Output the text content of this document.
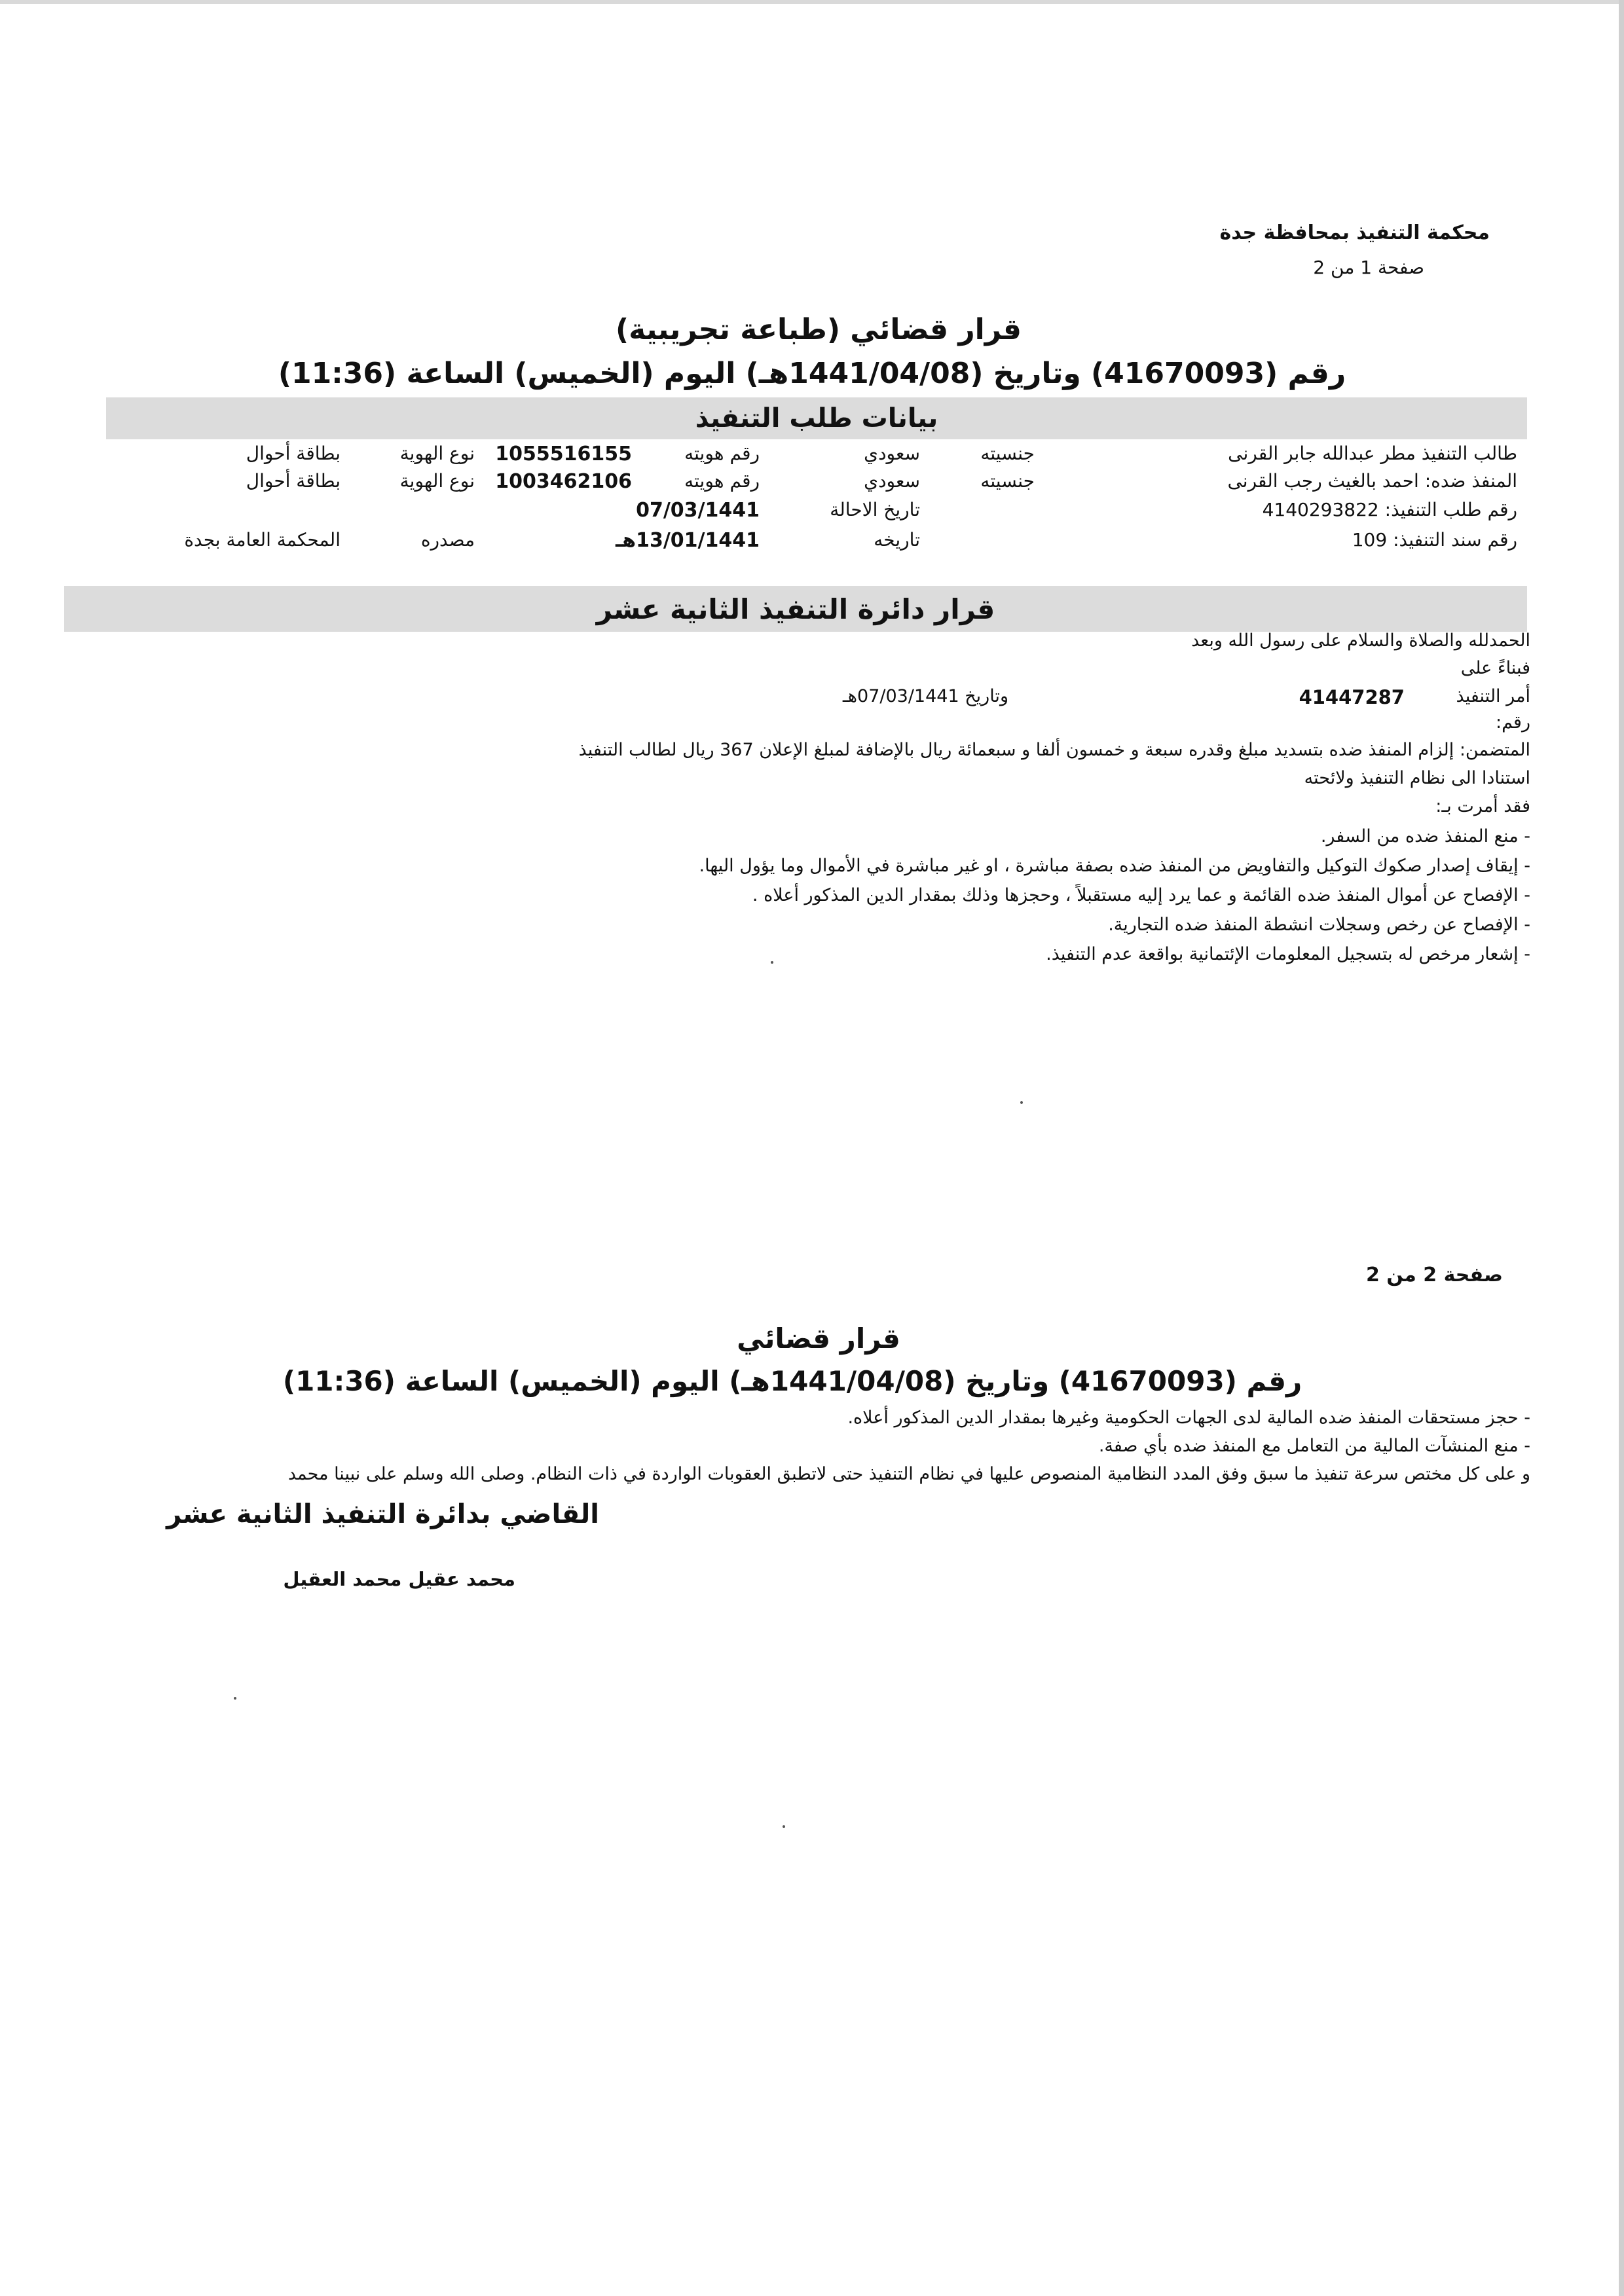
محكمة التنفيذ بمحافظة جدة
صفحة 1 من 2
قرار قضائي (طباعة تجريبية)
رقم (41670093) وتاريخ (1441/04/08هـ) اليوم (الخميس) الساعة (11:36)
بيانات طلب التنفيذ
طالب التنفيذ مطر عبدالله جابر القرنى
جنسيته
سعودي
رقم هويته
1055516155
نوع الهوية
بطاقة أحوال
المنفذ ضده: احمد بالغيث رجب القرنى
جنسيته
سعودي
رقم هويته
1003462106
نوع الهوية
بطاقة أحوال
رقم طلب التنفيذ: 4140293822
تاريخ الاحالة
07/03/1441
رقم سند التنفيذ: 109
تاريخه
13/01/1441هـ
مصدره
المحكمة العامة بجدة
قرار دائرة التنفيذ الثانية عشر
الحمدلله والصلاة والسلام على رسول الله وبعد
فبناءً على
أمر التنفيذ
41447287
وتاريخ 07/03/1441هـ
رقم:
المتضمن: إلزام المنفذ ضده بتسديد مبلغ وقدره سبعة و خمسون ألفا و سبعمائة ريال بالإضافة لمبلغ الإعلان 367 ريال لطالب التنفيذ
استنادا الى نظام التنفيذ ولائحته
فقد أمرت بـ:
- منع المنفذ ضده من السفر.
- إيقاف إصدار صكوك التوكيل والتفاويض من المنفذ ضده بصفة مباشرة ، او غير مباشرة في الأموال وما يؤول اليها.
- الإفصاح عن أموال المنفذ ضده القائمة و عما يرد إليه مستقبلاً ، وحجزها وذلك بمقدار الدين المذكور أعلاه .
- الإفصاح عن رخص وسجلات انشطة المنفذ ضده التجارية.
- إشعار مرخص له بتسجيل المعلومات الإئتمانية بواقعة عدم التنفيذ.
صفحة 2 من 2
قرار قضائي
رقم (41670093) وتاريخ (1441/04/08هـ) اليوم (الخميس) الساعة (11:36)
- حجز مستحقات المنفذ ضده المالية لدى الجهات الحكومية وغيرها بمقدار الدين المذكور أعلاه.
- منع المنشآت المالية من التعامل مع المنفذ ضده بأي صفة.
و على كل مختص سرعة تنفيذ ما سبق وفق المدد النظامية المنصوص عليها في نظام التنفيذ حتى لاتطبق العقوبات الواردة في ذات النظام. وصلى الله وسلم على نبينا محمد
القاضي بدائرة التنفيذ الثانية عشر
محمد عقيل محمد العقيل
